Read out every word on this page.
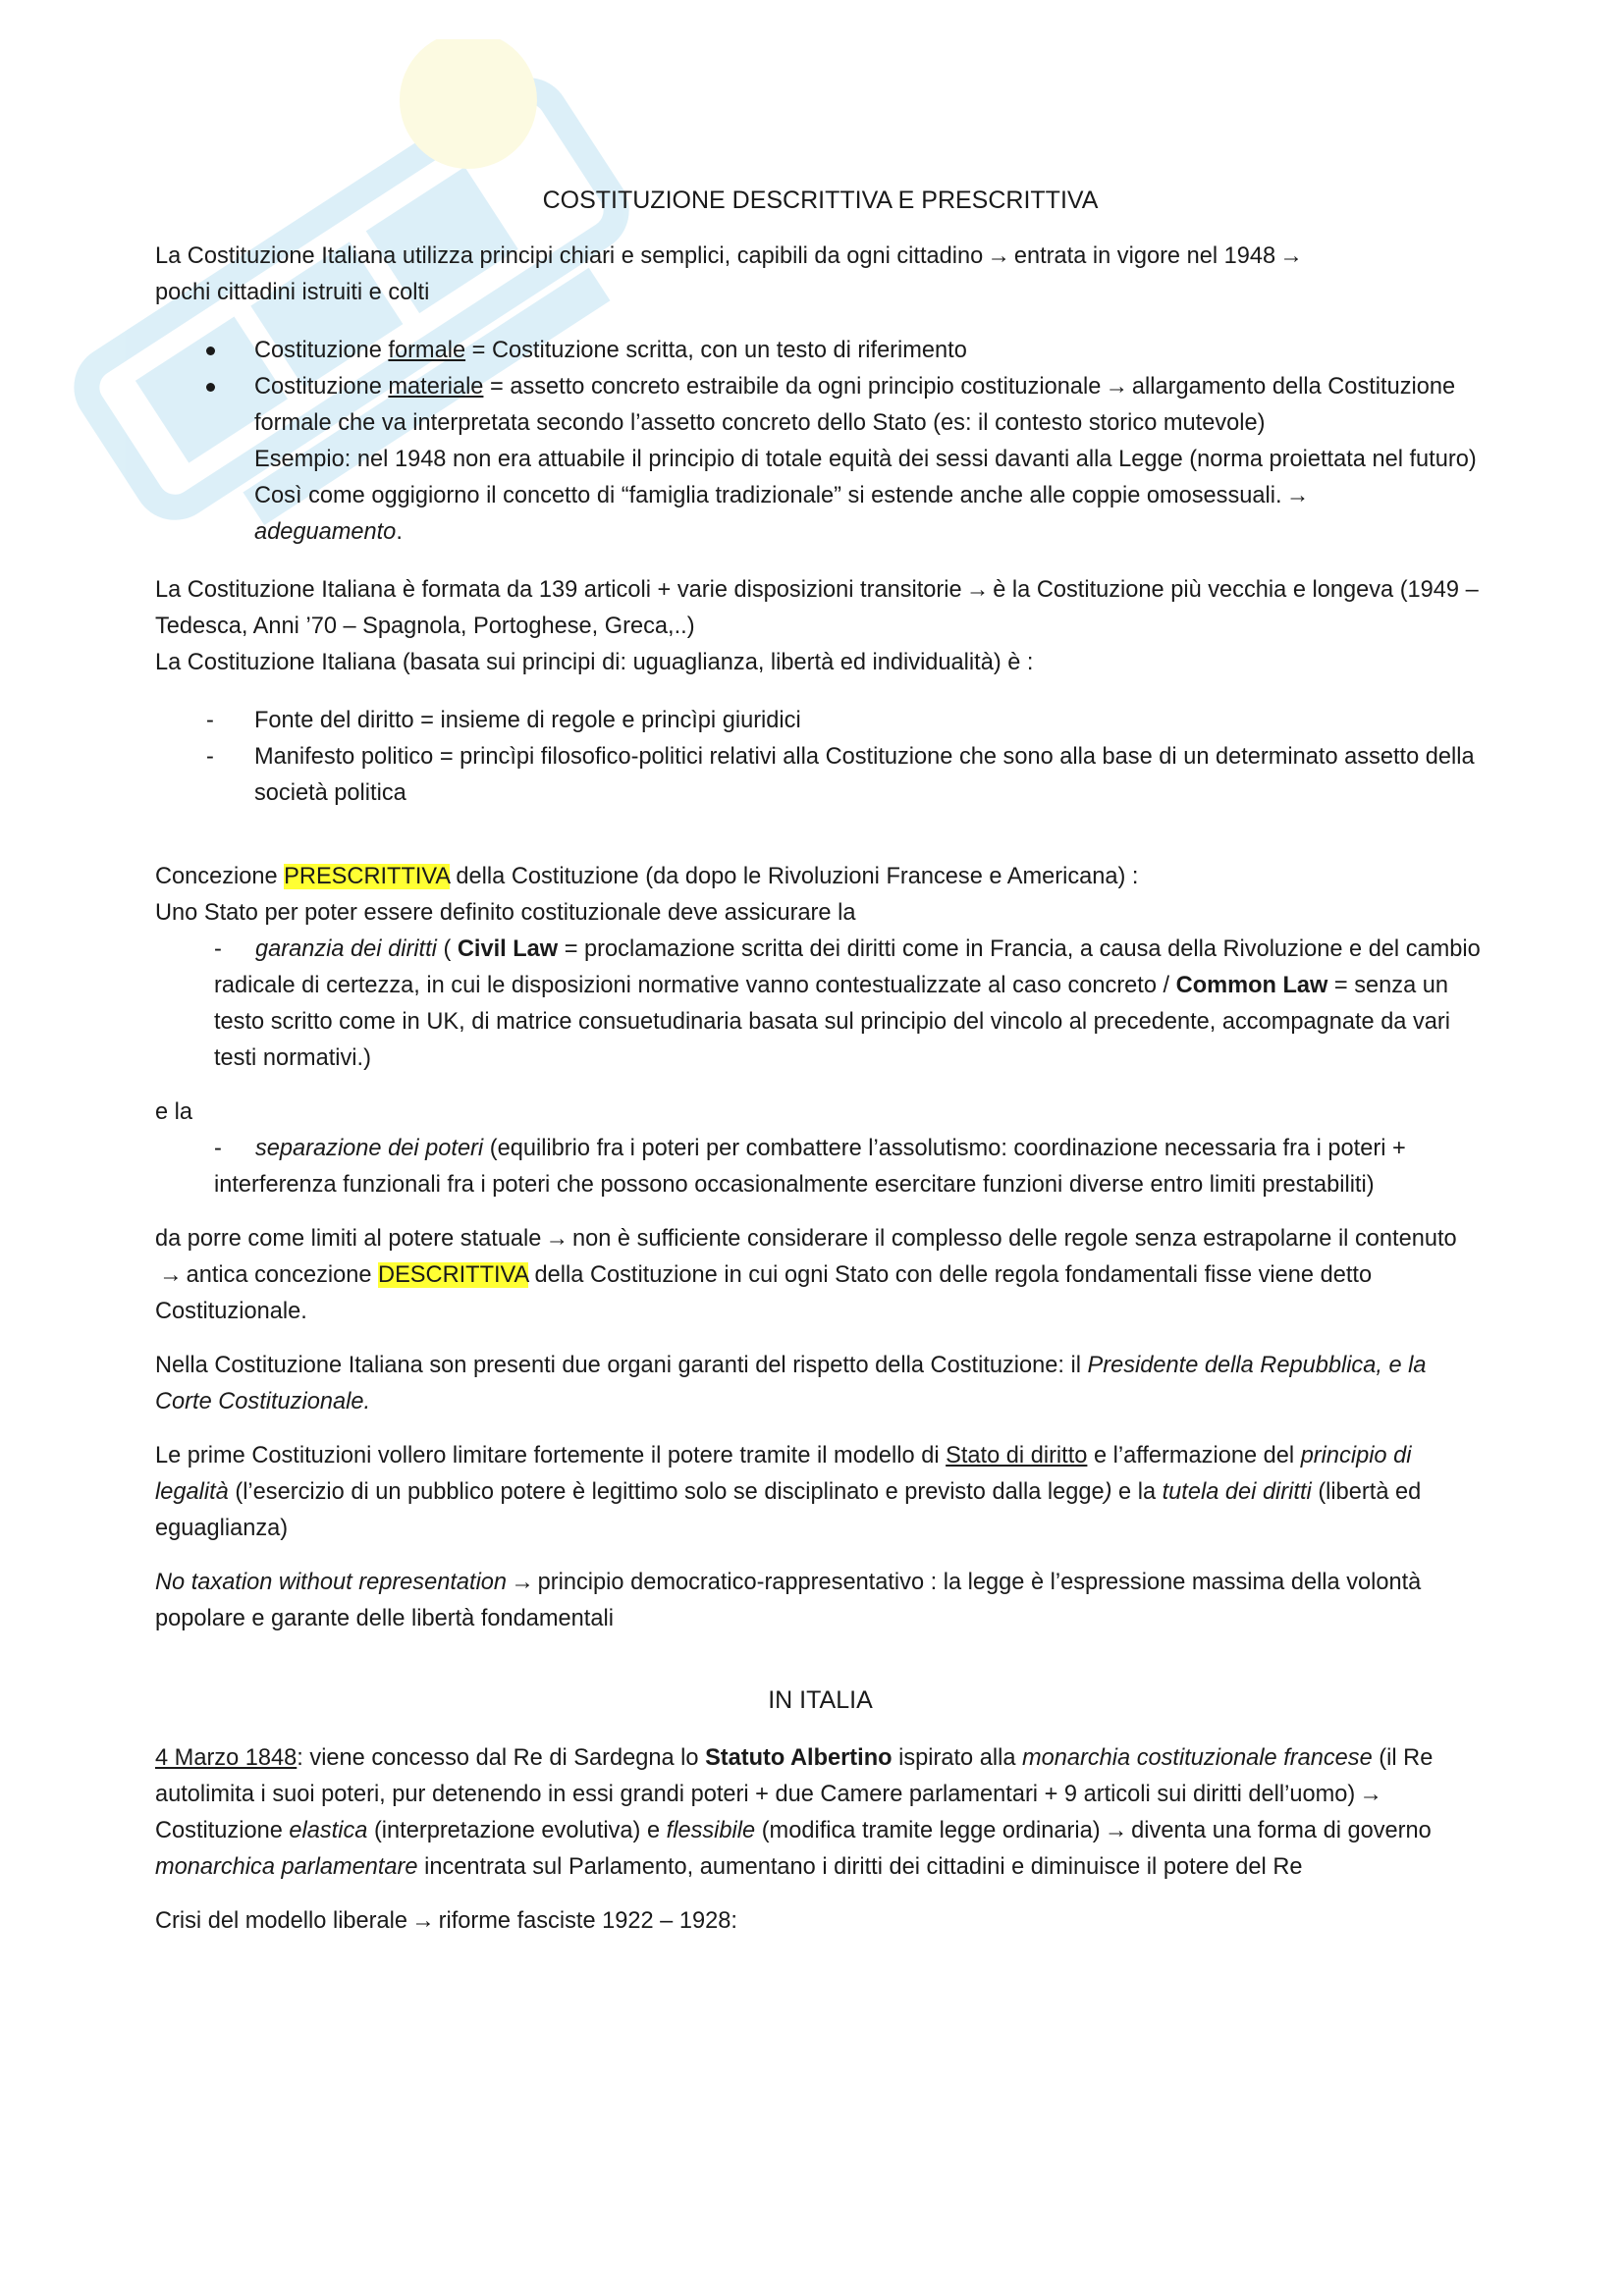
COSTITUZIONE DESCRITTIVA E PRESCRITTIVA

La Costituzione Italiana utilizza principi chiari e semplici, capibili da ogni cittadino → entrata in vigore nel 1948 →
pochi cittadini istruiti e colti

Costituzione formale = Costituzione scritta, con un testo di riferimento
Costituzione materiale = assetto concreto estraibile da ogni principio costituzionale → allargamento della Costituzione formale che va interpretata secondo l’assetto concreto dello Stato (es: il contesto storico mutevole)
Esempio: nel 1948 non era attuabile il principio di totale equità dei sessi davanti alla Legge (norma proiettata nel futuro)
Così come oggigiorno il concetto di “famiglia tradizionale” si estende anche alle coppie omosessuali. →
adeguamento.

La Costituzione Italiana è formata da 139 articoli + varie disposizioni transitorie → è la Costituzione più vecchia e longeva (1949 – Tedesca, Anni ’70 – Spagnola, Portoghese, Greca,..)

La Costituzione Italiana (basata sui principi di: uguaglianza, libertà ed individualità) è :

- Fonte del diritto = insieme di regole e princìpi giuridici
- Manifesto politico = princìpi filosofico-politici relativi alla Costituzione che sono alla base di un determinato assetto della società politica

Concezione PRESCRITTIVA della Costituzione (da dopo le Rivoluzioni Francese e Americana) :
Uno Stato per poter essere definito costituzionale deve assicurare la

- garanzia dei diritti ( Civil Law = proclamazione scritta dei diritti come in Francia, a causa della Rivoluzione e del cambio radicale di certezza, in cui le disposizioni normative vanno contestualizzate al caso concreto / Common Law = senza un testo scritto come in UK, di matrice consuetudinaria basata sul principio del vincolo al precedente, accompagnate da vari testi normativi.)

e la

- separazione dei poteri (equilibrio fra i poteri per combattere l’assolutismo: coordinazione necessaria fra i poteri + interferenza funzionali fra i poteri che possono occasionalmente esercitare funzioni diverse entro limiti prestabiliti)

da porre come limiti al potere statuale → non è sufficiente considerare il complesso delle regole senza estrapolarne il contenuto→ antica concezione DESCRITTIVA della Costituzione in cui ogni Stato con delle regola fondamentali fisse viene detto Costituzionale.

Nella Costituzione Italiana son presenti due organi garanti del rispetto della Costituzione: il Presidente della Repubblica, e la Corte Costituzionale.

Le prime Costituzioni vollero limitare fortemente il potere tramite il modello di Stato di diritto e l’affermazione del principio di legalità (l’esercizio di un pubblico potere è legittimo solo se disciplinato e previsto dalla legge) e la tutela dei diritti (libertà ed eguaglianza)

No taxation without representation → principio democratico-rappresentativo : la legge è l’espressione massima della volontà popolare e garante delle libertà fondamentali

IN ITALIA

4 Marzo 1848: viene concesso dal Re di Sardegna lo Statuto Albertino ispirato alla monarchia costituzionale francese (il Re autolimita i suoi poteri, pur detenendo in essi grandi poteri + due Camere parlamentari + 9 articoli sui diritti dell’uomo) →Costituzione elastica (interpretazione evolutiva) e flessibile (modifica tramite legge ordinaria) → diventa una forma di governo monarchica parlamentare incentrata sul Parlamento, aumentano i diritti dei cittadini e diminuisce il potere del Re

Crisi del modello liberale → riforme fasciste 1922 – 1928:
